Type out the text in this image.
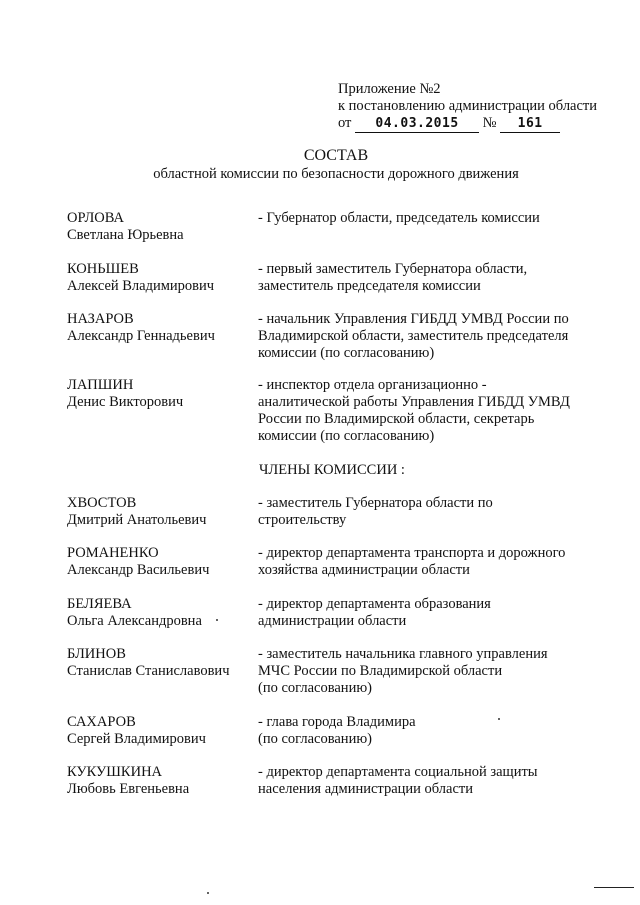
Приложение №2
к постановлению администрации области
от 04.03.2015 № 161
СОСТАВ
областной комиссии по безопасности дорожного движения
ОРЛОВА
Светлана Юрьевна
- Губернатор области, председатель комиссии
КОНЬШЕВ
Алексей Владимирович
- первый заместитель Губернатора области,
заместитель председателя комиссии
НАЗАРОВ
Александр Геннадьевич
- начальник Управления ГИБДД УМВД России по
Владимирской области, заместитель председателя
комиссии (по согласованию)
ЛАПШИН
Денис Викторович
- инспектор отдела организационно -
аналитической работы Управления ГИБДД УМВД
России по Владимирской области, секретарь
комиссии (по согласованию)
ЧЛЕНЫ КОМИССИИ :
ХВОСТОВ
Дмитрий Анатольевич
- заместитель Губернатора области по
строительству
РОМАНЕНКО
Александр Васильевич
- директор департамента транспорта и дорожного
хозяйства администрации области
БЕЛЯЕВА
Ольга Александровна
- директор департамента образования
администрации области
БЛИНОВ
Станислав Станиславович
- заместитель начальника главного управления
МЧС России по Владимирской области
(по согласованию)
САХАРОВ
Сергей Владимирович
- глава города Владимира
(по согласованию)
КУКУШКИНА
Любовь Евгеньевна
- директор департамента социальной защиты
населения администрации области
